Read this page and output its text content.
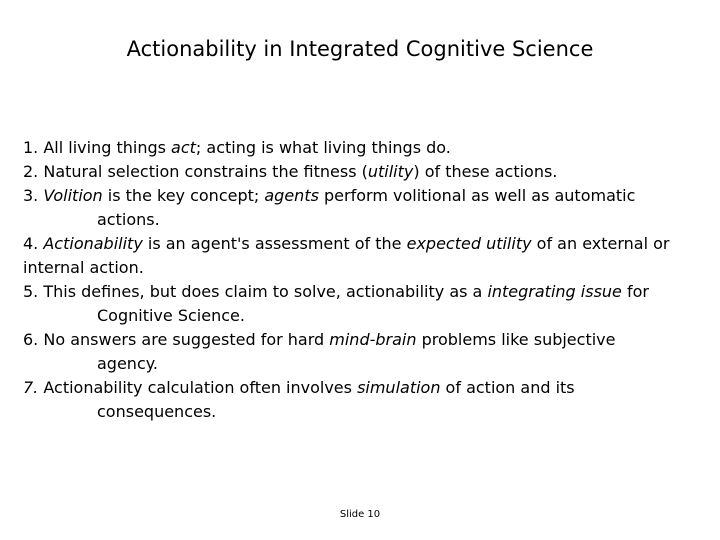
Actionability in Integrated Cognitive Science
1. All living things act; acting is what living things do.
2. Natural selection constrains the fitness (utility) of these actions.
3. Volition is the key concept; agents perform volitional as well as automatic
actions.
4. Actionability is an agent's assessment of the expected utility of an external or
internal action.
5. This defines, but does claim to solve, actionability as a integrating issue for
Cognitive Science.
6. No answers are suggested for hard mind-brain problems like subjective
agency.
7. Actionability calculation often involves simulation of action and its
consequences.
Slide 10
